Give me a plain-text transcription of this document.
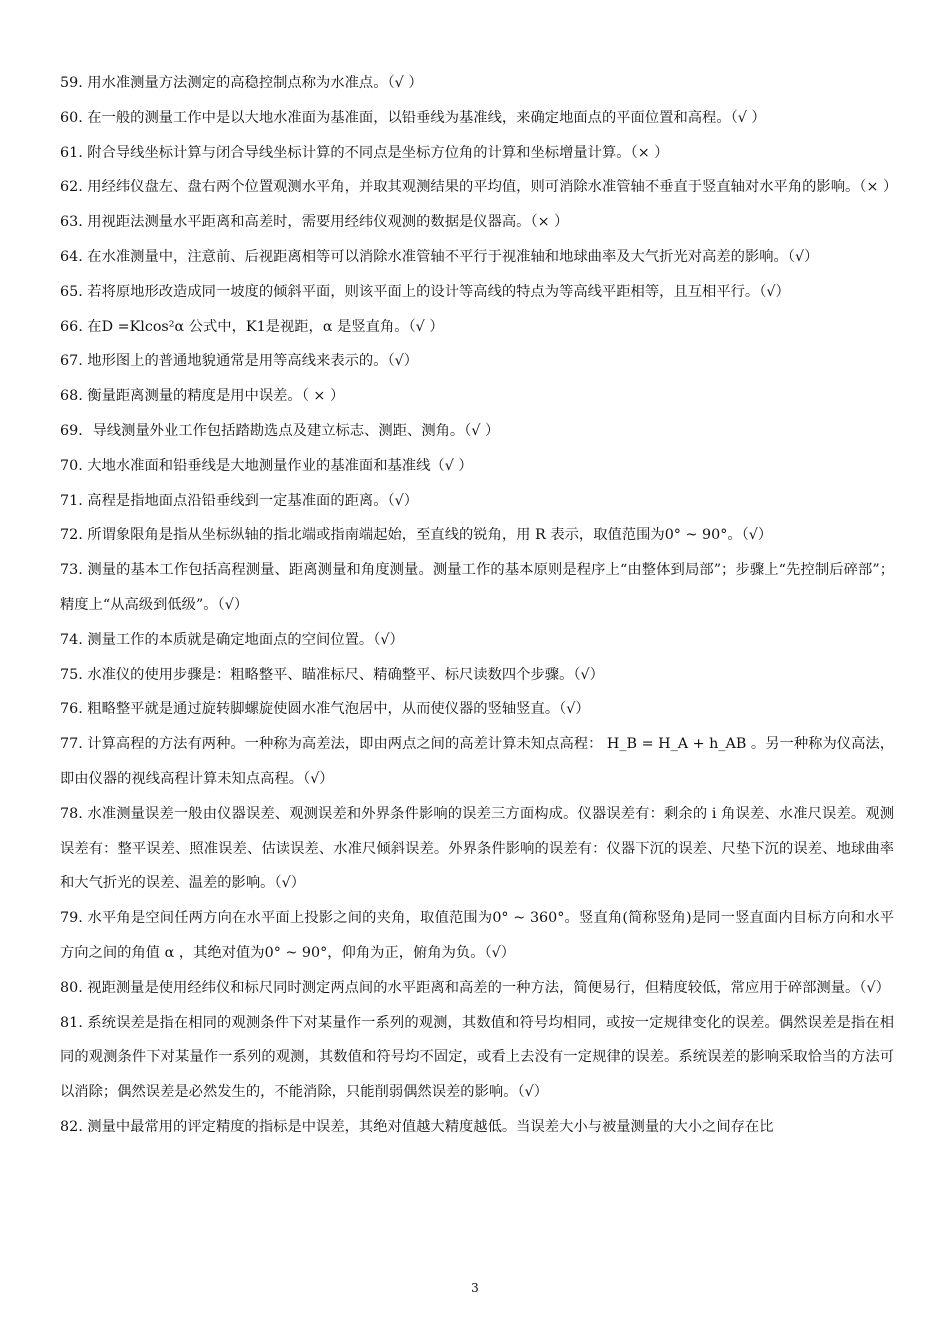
59. 用水准测量方法测定的高稳控制点称为水准点。（√ ）

60. 在一般的测量工作中是以大地水准面为基准面，以铅垂线为基准线，来确定地面点的平面位置和高程。（√ ）

61. 附合导线坐标计算与闭合导线坐标计算的不同点是坐标方位角的计算和坐标增量计算。（× ）

62. 用经纬仪盘左、盘右两个位置观测水平角，并取其观测结果的平均值，则可消除水准管轴不垂直于竖直轴对水平角的影响。（× ）

63. 用视距法测量水平距离和高差时，需要用经纬仪观测的数据是仪器高。（× ）

64. 在水准测量中，注意前、后视距离相等可以消除水准管轴不平行于视准轴和地球曲率及大气折光对高差的影响。（√）

65. 若将原地形改造成同一坡度的倾斜平面，则该平面上的设计等高线的特点为等高线平距相等，且互相平行。（√）

66. 在D =Klcos²α 公式中，K1是视距，α 是竖直角。（√ ）

67. 地形图上的普通地貌通常是用等高线来表示的。（√）

68. 衡量距离测量的精度是用中误差。（ × ）

69．导线测量外业工作包括踏勘选点及建立标志、测距、测角。（√ ）

70. 大地水准面和铅垂线是大地测量作业的基准面和基准线（√ ）

71. 高程是指地面点沿铅垂线到一定基准面的距离。（√）

72. 所谓象限角是指从坐标纵轴的指北端或指南端起始，至直线的锐角，用 R 表示，取值范围为0° ~ 90°。（√）

73. 测量的基本工作包括高程测量、距离测量和角度测量。测量工作的基本原则是程序上“由整体到局部”；步骤上“先控制后碎部”；精度上“从高级到低级”。（√）

74. 测量工作的本质就是确定地面点的空间位置。（√）

75. 水准仪的使用步骤是：粗略整平、瞄准标尺、精确整平、标尺读数四个步骤。（√）

76. 粗略整平就是通过旋转脚螺旋使圆水准气泡居中，从而使仪器的竖轴竖直。（√）

77. 计算高程的方法有两种。一种称为高差法，即由两点之间的高差计算未知点高程： H_B = H_A + h_AB 。另一种称为仪高法，即由仪器的视线高程计算未知点高程。（√）

78. 水准测量误差一般由仪器误差、观测误差和外界条件影响的误差三方面构成。仪器误差有：剩余的 i 角误差、水准尺误差。观测误差有：整平误差、照准误差、估读误差、水准尺倾斜误差。外界条件影响的误差有：仪器下沉的误差、尺垫下沉的误差、地球曲率和大气折光的误差、温差的影响。（√）

79. 水平角是空间任两方向在水平面上投影之间的夹角，取值范围为0° ~ 360°。竖直角(简称竖角)是同一竖直面内目标方向和水平方向之间的角值 α ，其绝对值为0° ~ 90°，仰角为正，俯角为负。（√）

80. 视距测量是使用经纬仪和标尺同时测定两点间的水平距离和高差的一种方法，简便易行，但精度较低，常应用于碎部测量。（√）

81. 系统误差是指在相同的观测条件下对某量作一系列的观测，其数值和符号均相同，或按一定规律变化的误差。偶然误差是指在相同的观测条件下对某量作一系列的观测，其数值和符号均不固定，或看上去没有一定规律的误差。系统误差的影响采取恰当的方法可以消除；偶然误差是必然发生的，不能消除，只能削弱偶然误差的影响。（√）

82. 测量中最常用的评定精度的指标是中误差，其绝对值越大精度越低。当误差大小与被量测量的大小之间存在比

3
